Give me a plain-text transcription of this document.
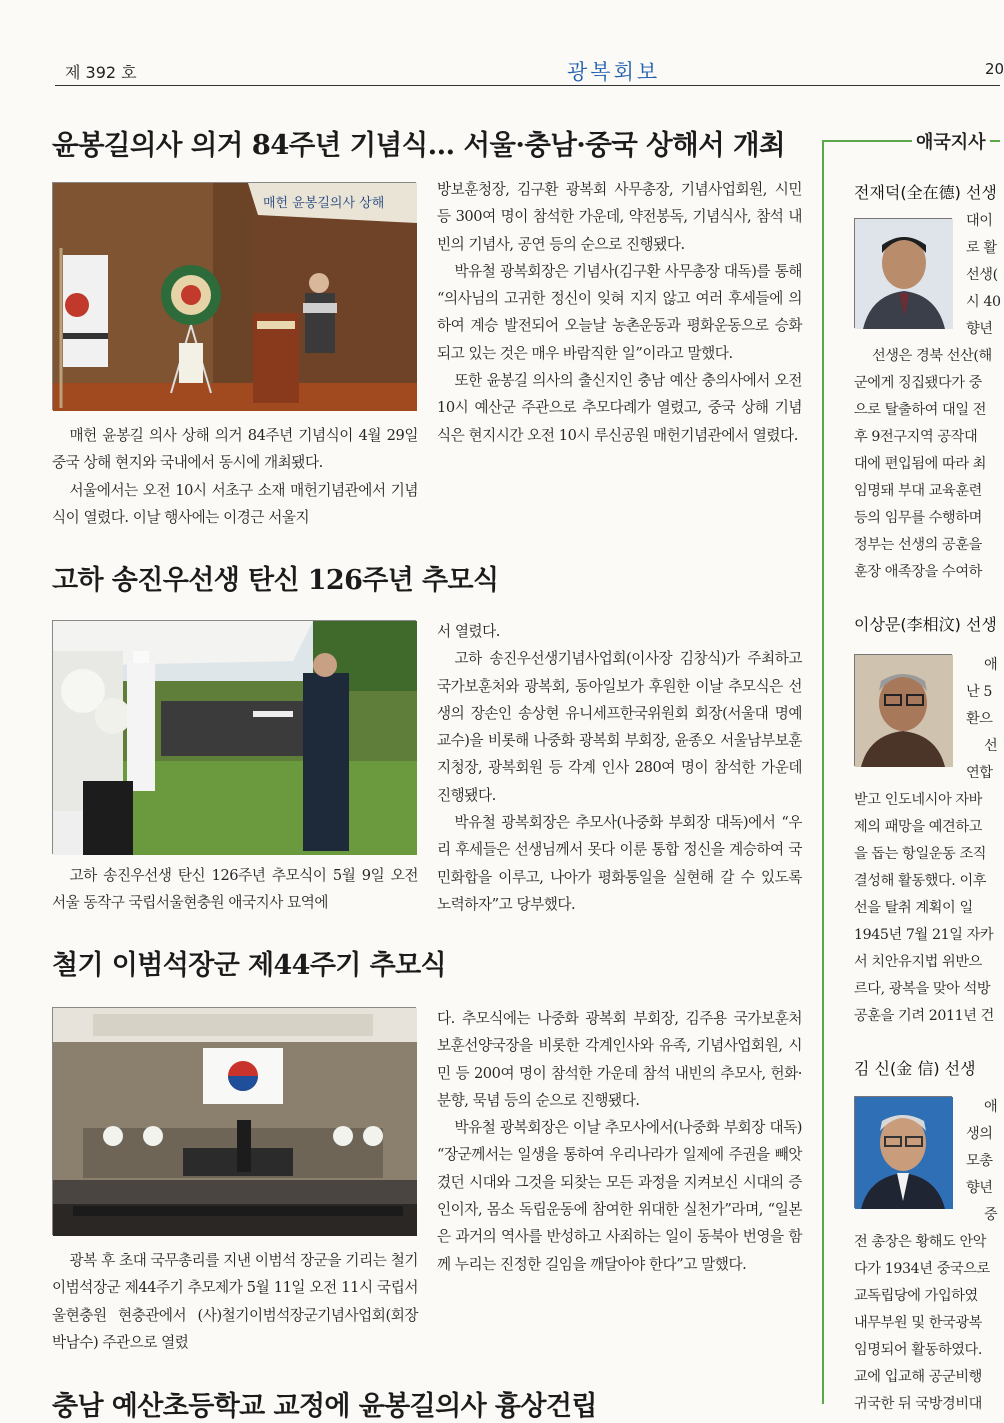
제 392 호	광복회보	20
윤봉길의사 의거 84주년 기념식… 서울·충남·중국 상해서 개최
매헌 윤봉길의사 상해

매헌 윤봉길 의사 상해 의거 84주년 기념식이 4월 29일 중국 상해 현지와 국내에서 동시에 개최됐다.

서울에서는 오전 10시 서초구 소재 매헌기념관에서 기념식이 열렸다. 이날 행사에는 이경근 서울지

방보훈청장, 김구환 광복회 사무총장, 기념사업회원, 시민 등 300여 명이 참석한 가운데, 약전봉독, 기념식사, 참석 내빈의 기념사, 공연 등의 순으로 진행됐다.

박유철 광복회장은 기념사(김구환 사무총장 대독)를 통해 “의사님의 고귀한 정신이 잊혀 지지 않고 여러 후세들에 의하여 계승 발전되어 오늘날 농촌운동과 평화운동으로 승화되고 있는 것은 매우 바람직한 일”이라고 말했다.

또한 윤봉길 의사의 출신지인 충남 예산 충의사에서 오전 10시 예산군 주관으로 추모다례가 열렸고, 중국 상해 기념식은 현지시간 오전 10시 루신공원 매헌기념관에서 열렸다.

고하 송진우선생 탄신 126주년 추모식

고하 송진우선생 탄신 126주년 추모식이 5월 9일 오전 서울 동작구 국립서울현충원 애국지사 묘역에

서 열렸다.

고하 송진우선생기념사업회(이사장 김창식)가 주최하고 국가보훈처와 광복회, 동아일보가 후원한 이날 추모식은 선생의 장손인 송상현 유니세프한국위원회 회장(서울대 명예교수)을 비롯해 나중화 광복회 부회장, 윤종오 서울남부보훈지청장, 광복회원 등 각계 인사 280여 명이 참석한 가운데 진행됐다.

박유철 광복회장은 추모사(나중화 부회장 대독)에서 “우리 후세들은 선생님께서 못다 이룬 통합 정신을 계승하여 국민화합을 이루고, 나아가 평화통일을 실현해 갈 수 있도록 노력하자”고 당부했다.

철기 이범석장군 제44주기 추모식

광복 후 초대 국무총리를 지낸 이범석 장군을 기리는 철기 이범석장군 제44주기 추모제가 5월 11일 오전 11시 국립서울현충원 현충관에서 (사)철기이범석장군기념사업회(회장 박남수) 주관으로 열렸

다. 추모식에는 나중화 광복회 부회장, 김주용 국가보훈처 보훈선양국장을 비롯한 각계인사와 유족, 기념사업회원, 시민 등 200여 명이 참석한 가운데 참석 내빈의 추모사, 헌화·분향, 묵념 등의 순으로 진행됐다.

박유철 광복회장은 이날 추모사에서(나중화 부회장 대독) “장군께서는 일생을 통하여 우리나라가 일제에 주권을 빼앗겼던 시대와 그것을 되찾는 모든 과정을 지켜보신 시대의 증인이자, 몸소 독립운동에 참여한 위대한 실천가”라며, “일본은 과거의 역사를 반성하고 사죄하는 일이 동북아 번영을 함께 누리는 진정한 길임을 깨달아야 한다”고 말했다.

충남 예산초등학교 교정에 윤봉길의사 흉상건립
애국지사
전재덕(全在德) 선생
대이
로 활
선생(
시 40
향년
선생은 경북 선산(해
군에게 징집됐다가 중
으로 탈출하여 대일 전
후 9전구지역 공작대
대에 편입됨에 따라 최
임명돼 부대 교육훈련
등의 임무를 수행하며
정부는 선생의 공훈을
훈장 애족장을 수여하
이상문(李相汶) 선생
애
난 5
환으
선
연합
받고 인도네시아 자바
제의 패망을 예견하고
을 돕는 항일운동 조직
결성해 활동했다. 이후
선을 탈취 계획이 일
1945년 7월 21일 자카
서 치안유지법 위반으
르다, 광복을 맞아 석방
공훈을 기려 2011년 건
김 신(金 信) 선생
애
생의
모총
향년
중
전 총장은 황해도 안악
다가 1934년 중국으로
교독립당에 가입하였
내무부원 및 한국광복
임명되어 활동하였다.
교에 입교해 공군비행
귀국한 뒤 국방경비대
